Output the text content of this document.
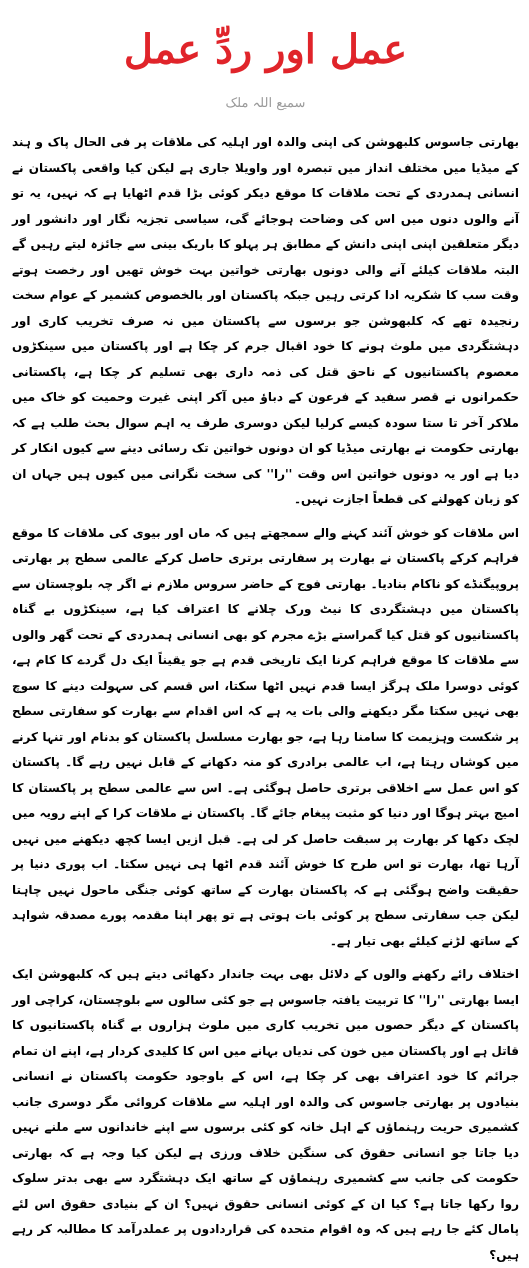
عمل اور ردِّ عمل
سمیع اللہ ملک

بھارتی جاسوس کلبھوشن کی اپنی والدہ اور اہلیہ کی ملاقات پر فی الحال پاک و ہند کے میڈیا میں مختلف انداز میں تبصرہ اور واویلا جاری ہے لیکن کیا واقعی پاکستان نے انسانی ہمدردی کے تحت ملاقات کا موقع دیکر کوئی بڑا قدم اٹھایا ہے کہ نہیں، یہ تو آنے والوں دنوں میں اس کی وضاحت ہوجائے گی، سیاسی تجزیہ نگار اور دانشور اور دیگر متعلقین اپنی اپنی دانش کے مطابق ہر پہلو کا باریک بینی سے جائزہ لیتے رہیں گے البتہ ملاقات کیلئے آنے والی دونوں بھارتی خواتین بہت خوش تھیں اور رخصت ہوتے وقت سب کا شکریہ ادا کرتی رہیں جبکہ پاکستان اور بالخصوص کشمیر کے عوام سخت رنجیدہ تھے کہ کلبھوشن جو برسوں سے پاکستان میں نہ صرف تخریب کاری اور دہشتگردی میں ملوث ہونے کا خود اقبال جرم کر چکا ہے اور پاکستان میں سینکڑوں معصوم پاکستانیوں کے ناحق قتل کی ذمہ داری بھی تسلیم کر چکا ہے، پاکستانی حکمرانوں نے قصر سفید کے فرعون کے دباؤ میں آکر اپنی غیرت وحمیت کو خاک میں ملاکر آخر تا ستا سودہ کیسے کرلیا لیکن دوسری طرف یہ اہم سوال بحث طلب ہے کہ بھارتی حکومت نے بھارتی میڈیا کو ان دونوں خواتین تک رسائی دینے سے کیوں انکار کر دیا ہے اور یہ دونوں خواتین اس وقت ''را'' کی سخت نگرانی میں کیوں ہیں جہاں ان کو زبان کھولنے کی قطعاً اجازت نہیں۔

اس ملاقات کو خوش آئند کہنے والے سمجھتے ہیں کہ ماں اور بیوی کی ملاقات کا موقع فراہم کرکے پاکستان نے بھارت پر سفارتی برتری حاصل کرکے عالمی سطح پر بھارتی پروپیگنڈے کو ناکام بنادیا۔ بھارتی فوج کے حاضر سروس ملازم نے اگر چہ بلوچستان سے پاکستان میں دہشتگردی کا نیٹ ورک چلانے کا اعتراف کیا ہے، سینکڑوں بے گناہ پاکستانیوں کو قتل کیا گمراستے بڑے مجرم کو بھی انسانی ہمدردی کے تحت گھر والوں سے ملاقات کا موقع فراہم کرنا ایک تاریخی قدم ہے جو یقیناً ایک دل گردے کا کام ہے، کوئی دوسرا ملک ہرگز ایسا قدم نہیں اٹھا سکتا، اس قسم کی سہولت دینے کا سوچ بھی نہیں سکتا مگر دیکھنے والی بات یہ ہے کہ اس اقدام سے بھارت کو سفارتی سطح پر شکست وہزیمت کا سامنا رہا ہے، جو بھارت مسلسل پاکستان کو بدنام اور تنہا کرنے میں کوشاں رہتا ہے، اب عالمی برادری کو منہ دکھانے کے قابل نہیں رہے گا۔ پاکستان کو اس عمل سے اخلاقی برتری حاصل ہوگئی ہے۔ اس سے عالمی سطح پر پاکستان کا امیج بہتر ہوگا اور دنیا کو مثبت پیغام جائے گا۔ پاکستان نے ملاقات کرا کے اپنے رویہ میں لچک دکھا کر بھارت پر سبقت حاصل کر لی ہے۔ قبل ازیں ایسا کچھ دیکھنے میں نہیں آرہا تھا، بھارت تو اس طرح کا خوش آئند قدم اٹھا ہی نہیں سکتا۔ اب پوری دنیا پر حقیقت واضح ہوگئی ہے کہ پاکستان بھارت کے ساتھ کوئی جنگی ماحول نہیں چاہتا لیکن جب سفارتی سطح پر کوئی بات ہوتی ہے تو پھر اپنا مقدمہ پورے مصدقہ شواہد کے ساتھ لڑنے کیلئے بھی تیار ہے۔

اختلاف رائے رکھنے والوں کے دلائل بھی بہت جاندار دکھائی دیتے ہیں کہ کلبھوشن ایک ایسا بھارتی ''را'' کا تربیت یافتہ جاسوس ہے جو کئی سالوں سے بلوچستان، کراچی اور پاکستان کے دیگر حصوں میں تخریب کاری میں ملوث ہزاروں بے گناہ پاکستانیوں کا قاتل ہے اور پاکستان میں خون کی ندیاں بہانے میں اس کا کلیدی کردار ہے، اپنے ان تمام جرائم کا خود اعتراف بھی کر چکا ہے، اس کے باوجود حکومت پاکستان نے انسانی بنیادوں پر بھارتی جاسوس کی والدہ اور اہلیہ سے ملاقات کروائی مگر دوسری جانب کشمیری حریت رہنماؤں کے اہل خانہ کو کئی برسوں سے اپنے خاندانوں سے ملنے نہیں دیا جاتا جو انسانی حقوق کی سنگین خلاف ورزی ہے لیکن کیا وجہ ہے کہ بھارتی حکومت کی جانب سے کشمیری رہنماؤں کے ساتھ ایک دہشتگرد سے بھی بدتر سلوک روا رکھا جاتا ہے؟ کیا ان کے کوئی انسانی حقوق نہیں؟ ان کے بنیادی حقوق اس لئے پامال کئے جا رہے ہیں کہ وہ اقوام متحدہ کی قراردادوں پر عملدرآمد کا مطالبہ کر رہے ہیں؟
